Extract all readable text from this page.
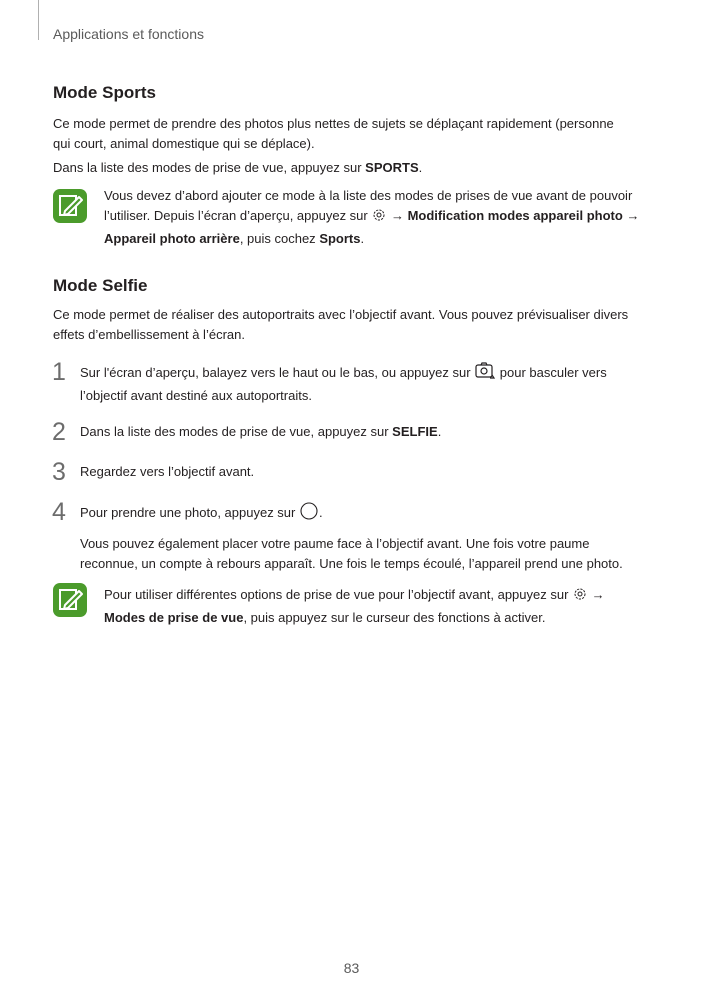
Applications et fonctions
Mode Sports
Ce mode permet de prendre des photos plus nettes de sujets se déplaçant rapidement (personne
qui court, animal domestique qui se déplace).
Dans la liste des modes de prise de vue, appuyez sur SPORTS.
Vous devez d’abord ajouter ce mode à la liste des modes de prises de vue avant de pouvoir
l’utiliser. Depuis l’écran d’aperçu, appuyez sur  → Modification modes appareil photo →
Appareil photo arrière, puis cochez Sports.
Mode Selfie
Ce mode permet de réaliser des autoportraits avec l’objectif avant. Vous pouvez prévisualiser divers
effets d’embellissement à l’écran.
1 Sur l'écran d’aperçu, balayez vers le haut ou le bas, ou appuyez sur  pour basculer vers
l’objectif avant destiné aux autoportraits.
2 Dans la liste des modes de prise de vue, appuyez sur SELFIE.
3 Regardez vers l’objectif avant.
4 Pour prendre une photo, appuyez sur .
Vous pouvez également placer votre paume face à l’objectif avant. Une fois votre paume
reconnue, un compte à rebours apparaît. Une fois le temps écoulé, l’appareil prend une photo.
Pour utiliser différentes options de prise de vue pour l’objectif avant, appuyez sur  →
Modes de prise de vue, puis appuyez sur le curseur des fonctions à activer.
83
